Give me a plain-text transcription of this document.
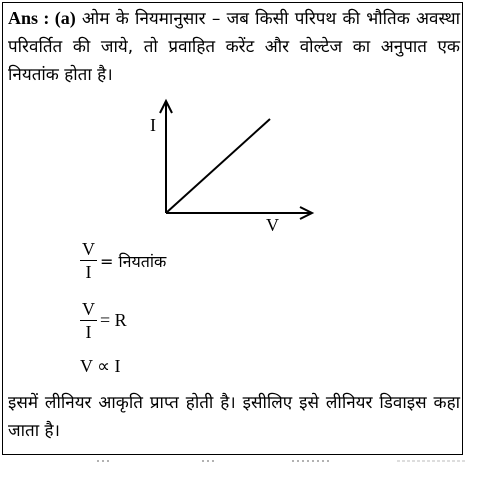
Ans : (a) ओम के नियमानुसार – जब किसी परिपथ की भौतिक अवस्था परिवर्तित की जाये, तो प्रवाहित करेंट और वोल्टेज का अनुपात एक नियतांक होता है।

I
V
$\frac{V}{I}$ = नियतांक
$\frac{V}{I} = R$
V ∝ I

इसमें लीनियर आकृति प्राप्त होती है। इसीलिए इसे लीनियर डिवाइस कहा जाता है।
